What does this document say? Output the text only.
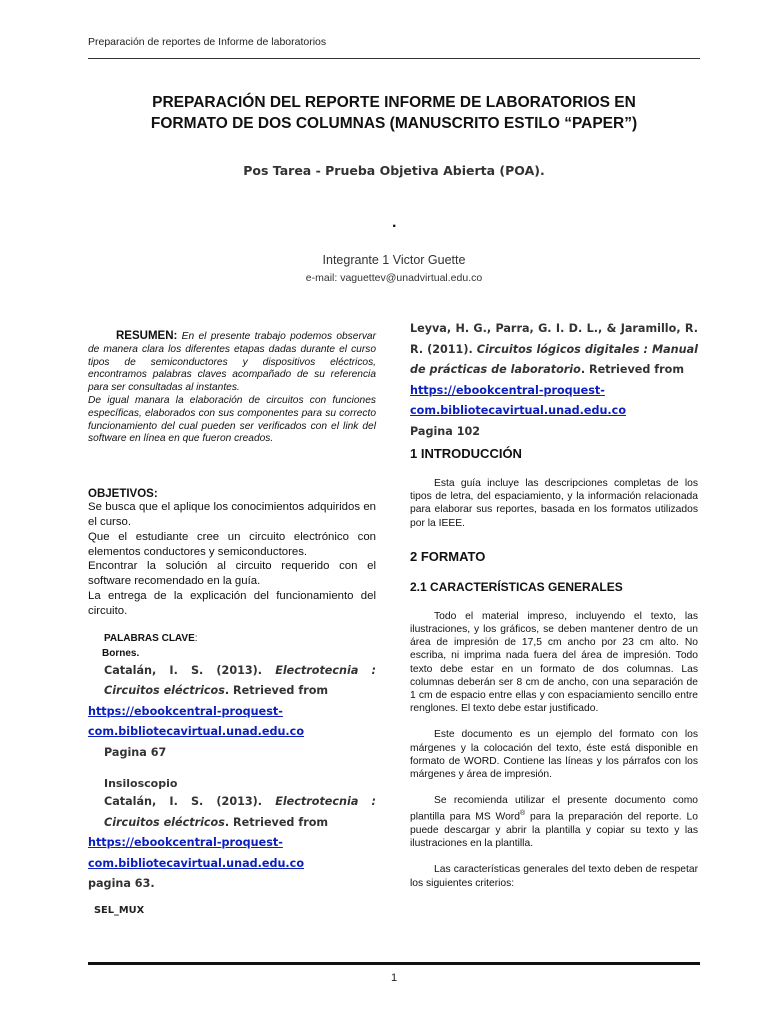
Preparación de reportes de Informe de laboratorios
PREPARACIÓN DEL REPORTE INFORME DE LABORATORIOS EN
FORMATO DE DOS COLUMNAS (MANUSCRITO ESTILO “PAPER”)
Pos Tarea - Prueba Objetiva Abierta (POA).
.
Integrante 1 Victor Guette
e-mail: vaguettev@unadvirtual.edu.co

RESUMEN: En el presente trabajo podemos observar de manera clara los diferentes etapas dadas durante el curso tipos de semiconductores y dispositivos eléctricos, encontramos palabras claves acompañado de su referencia para ser consultadas al instantes.

De igual manara la elaboración de circuitos con funciones específicas, elaborados con sus componentes para su correcto funcionamiento del cual pueden ser verificados con el link del software en línea en que fueron creados.

OBJETIVOS:

Se busca que el aplique los conocimientos adquiridos en el curso.

Que el estudiante cree un circuito electrónico con elementos conductores y semiconductores.

Encontrar la solución al circuito requerido con el software recomendado en la guía.

La entrega de la explicación del funcionamiento del circuito.

PALABRAS CLAVE:
Bornes.

Catalán, I. S. (2013). Electrotecnia : Circuitos eléctricos. Retrieved from

https://ebookcentral-proquest-

com.bibliotecavirtual.unad.edu.co

Pagina 67

Insiloscopio

Catalán, I. S. (2013). Electrotecnia : Circuitos eléctricos. Retrieved from

https://ebookcentral-proquest-

com.bibliotecavirtual.unad.edu.co

pagina 63.

SEL_MUX

Leyva, H. G., Parra, G. I. D. L., & Jaramillo, R. R. (2011). Circuitos lógicos digitales : Manual de prácticas de laboratorio. Retrieved from

https://ebookcentral-proquest-

com.bibliotecavirtual.unad.edu.co

Pagina 102

1 INTRODUCCIÓN

Esta guía incluye las descripciones completas de los tipos de letra, del espaciamiento, y la información relacionada para elaborar sus reportes, basada en los formatos utilizados por la IEEE.

2 FORMATO
2.1 CARACTERÍSTICAS GENERALES

Todo el material impreso, incluyendo el texto, las ilustraciones, y los gráficos, se deben mantener dentro de un área de impresión de 17,5 cm ancho por 23 cm alto. No escriba, ni imprima nada fuera del área de impresión. Todo texto debe estar en un formato de dos columnas. Las columnas deberán ser 8 cm de ancho, con una separación de 1 cm de espacio entre ellas y con espaciamiento sencillo entre renglones. El texto debe estar justificado.

Este documento es un ejemplo del formato con los márgenes y la colocación del texto, éste está disponible en formato de WORD. Contiene las líneas y los párrafos con los márgenes y área de impresión.

Se recomienda utilizar el presente documento como plantilla para MS Word® para la preparación del reporte. Lo puede descargar y abrir la plantilla y copiar su texto y las ilustraciones en la plantilla.

Las características generales del texto deben de respetar los siguientes criterios:

1
